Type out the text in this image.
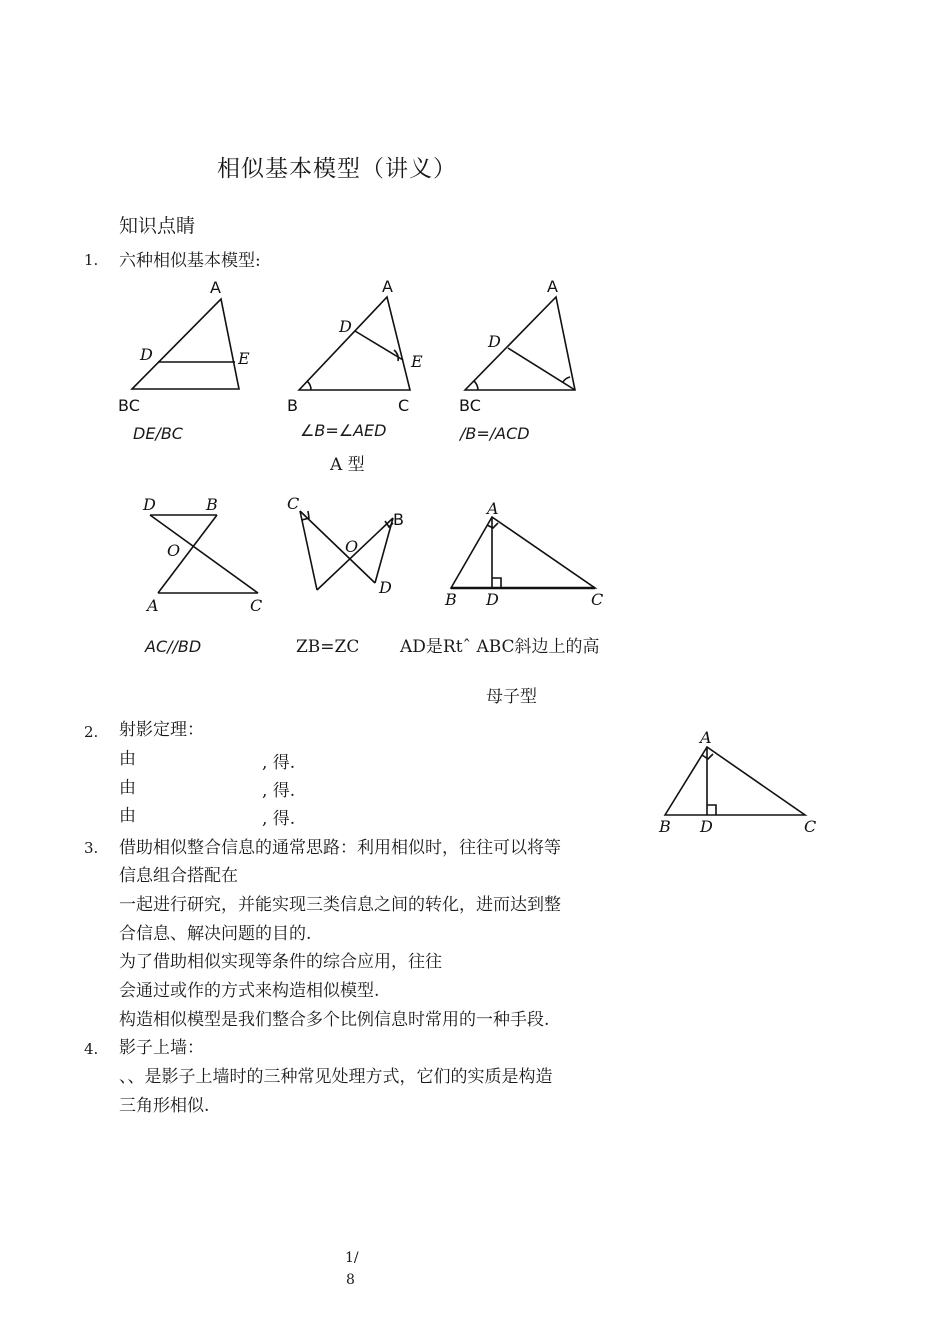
相似基本模型（讲义）
知识点睛
1. 六种相似基本模型:
A
D	E
BC
DE/BC
A
D
E
B	C
∠B=∠AED
A 型
A
D
BC
/B=/ACD
D	B
O
A	C
AC//BD
C
B
O
D
ZB=ZC
A
B D	C
AD是Rtˆ ABC斜边上的高
母子型
2. 射影定理：
由	, 得.
由	, 得.
由	, 得.
A
B D	C
3. 借助相似整合信息的通常思路：利用相似时，往往可以将等
信息组合搭配在
一起进行研究，并能实现三类信息之间的转化，进而达到整
合信息、解决问题的目的.
为了借助相似实现等条件的综合应用，往往
会通过或作的方式来构造相似模型.
构造相似模型是我们整合多个比例信息时常用的一种手段.
4. 影子上墙：
、、是影子上墙时的三种常见处理方式，它们的实质是构造
三角形相似.
1/
8
